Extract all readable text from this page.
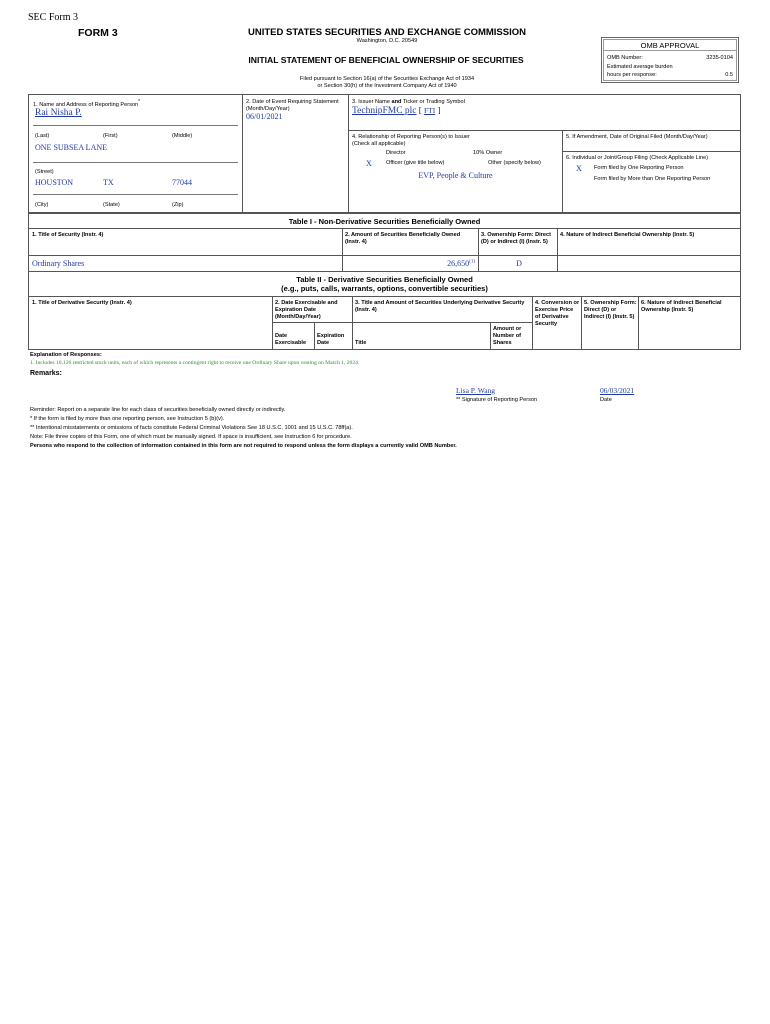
SEC Form 3
FORM 3	UNITED STATES SECURITIES AND EXCHANGE COMMISSION
Washington, D.C. 20549
INITIAL STATEMENT OF BENEFICIAL OWNERSHIP OF SECURITIES
Filed pursuant to Section 16(a) of the Securities Exchange Act of 1934
or Section 30(h) of the Investment Company Act of 1940
OMB APPROVAL
OMB Number:	3235-0104
Estimated average burden
hours per response:	0.5
1. Name and Address of Reporting Person*
Rai Nisha P.
(Last)	(First)	(Middle)
ONE SUBSEA LANE
(Street)
HOUSTON	TX	77044
(City)	(State)	(Zip)
2. Date of Event Requiring Statement (Month/Day/Year)
06/01/2021
3. Issuer Name and Ticker or Trading Symbol
TechnipFMC plc [ FTI ]
4. Relationship of Reporting Person(s) to Issuer
(Check all applicable)
Director	10% Owner
X	Officer (give title below)	Other (specify below)
EVP, People & Culture
5. If Amendment, Date of Original Filed (Month/Day/Year)
6. Individual or Joint/Group Filing (Check Applicable Line)
X Form filed by One Reporting Person
Form filed by More than One Reporting Person
Table I - Non-Derivative Securities Beneficially Owned
1. Title of Security (Instr. 4)	2. Amount of Securities Beneficially Owned (Instr. 4)
3. Ownership Form: Direct (D) or Indirect (I) (Instr. 5)
4. Nature of Indirect Beneficial Ownership (Instr. 5)
Ordinary Shares	26,650$^{(1)}$	D
Table II - Derivative Securities Beneficially Owned
(e.g., puts, calls, warrants, options, convertible securities)
1. Title of Derivative Security (Instr. 4)	2. Date Exercisable and Expiration Date (Month/Day/Year)
Date Exercisable
Expiration Date
3. Title and Amount of Securities Underlying Derivative Security (Instr. 4)
Title
Amount or Number of Shares
4. Conversion or Exercise Price of Derivative Security
5. Ownership Form: Direct (D) or Indirect (I) (Instr. 5)
6. Nature of Indirect Beneficial Ownership (Instr. 5)
Explanation of Responses:
1. Includes 10,126 restricted stock units, each of which represents a contingent right to receive one Ordinary Share upon vesting on March 1, 2024.
Remarks:
Lisa P. Wang	06/03/2021
** Signature of Reporting Person	Date
Reminder: Report on a separate line for each class of securities beneficially owned directly or indirectly.
* If the form is filed by more than one reporting person, see Instruction 5 (b)(v).
** Intentional misstatements or omissions of facts constitute Federal Criminal Violations See 18 U.S.C. 1001 and 15 U.S.C. 78ff(a).
Note: File three copies of this Form, one of which must be manually signed. If space is insufficient, see Instruction 6 for procedure.
Persons who respond to the collection of information contained in this form are not required to respond unless the form displays a currently valid OMB Number.
